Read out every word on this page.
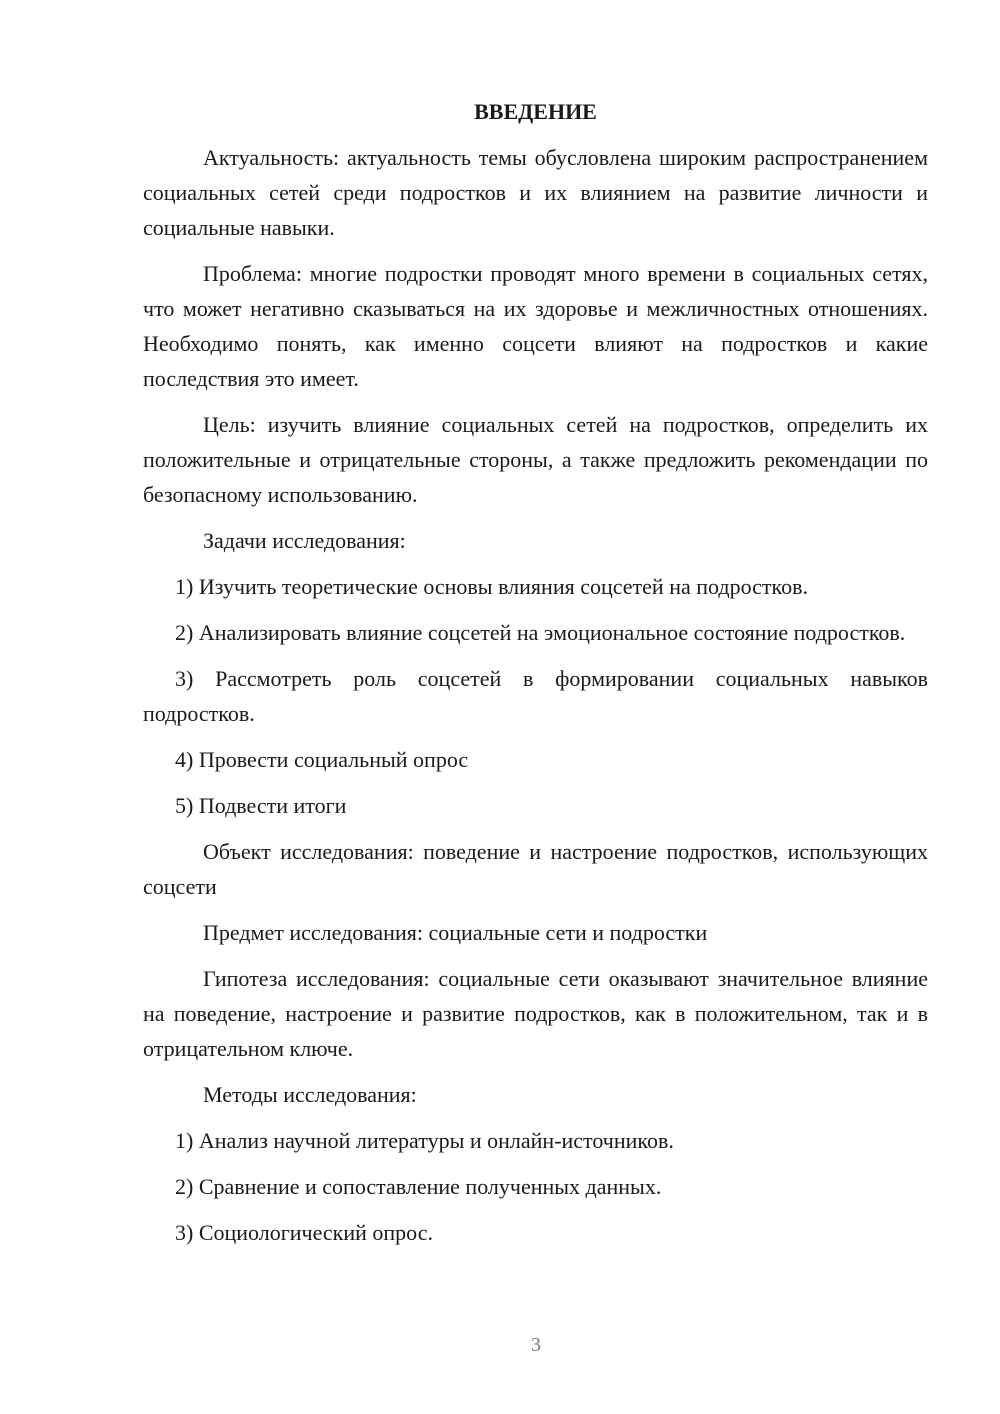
ВВЕДЕНИЕ

Актуальность: актуальность темы обусловлена широким распространением социальных сетей среди подростков и их влиянием на развитие личности и социальные навыки.

Проблема: многие подростки проводят много времени в социальных сетях, что может негативно сказываться на их здоровье и межличностных отношениях. Необходимо понять, как именно соцсети влияют на подростков и какие последствия это имеет.

Цель: изучить влияние социальных сетей на подростков, определить их положительные и отрицательные стороны, а также предложить рекомендации по безопасному использованию.

Задачи исследования:

1) Изучить теоретические основы влияния соцсетей на подростков.

2) Анализировать влияние соцсетей на эмоциональное состояние подростков.

3) Рассмотреть роль соцсетей в формировании социальных навыков подростков.

4) Провести социальный опрос

5) Подвести итоги

Объект исследования: поведение и настроение подростков, использующих соцсети

Предмет исследования: социальные сети и подростки

Гипотеза исследования: социальные сети оказывают значительное влияние на поведение, настроение и развитие подростков, как в положительном, так и в отрицательном ключе.

Методы исследования:

1) Анализ научной литературы и онлайн-источников.

2) Сравнение и сопоставление полученных данных.

3) Социологический опрос.

3
